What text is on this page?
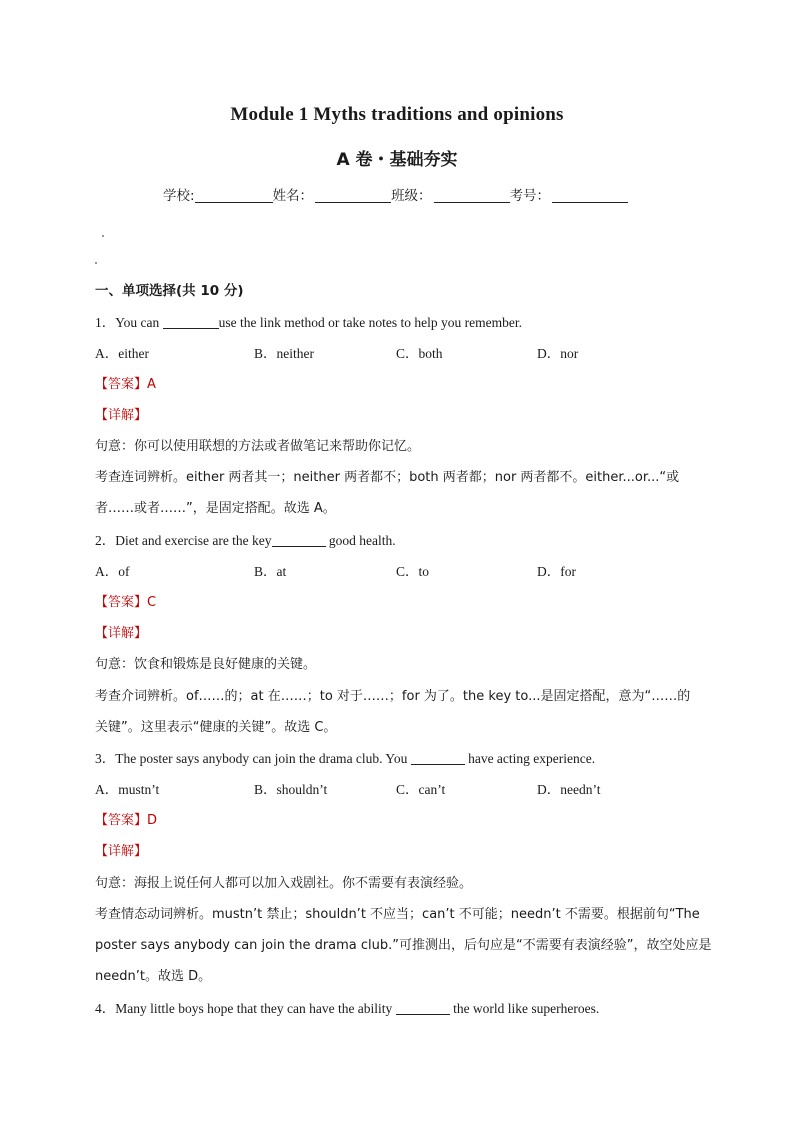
Module 1 Myths traditions and opinions
A 卷・基础夯实
学校:	姓名：	班级：	考号：
一、单项选择(共 10 分)
1．You can	use the link method or take notes to help you remember.
A．either	B．neither	C．both	D．nor
【答案】A
【详解】
句意：你可以使用联想的方法或者做笔记来帮助你记忆。
考查连词辨析。either 两者其一；neither 两者都不；both 两者都；nor 两者都不。either...or...“或
者……或者……”，是固定搭配。故选 A。
2．Diet and exercise are the key	good health.
A．of	B．at	C．to	D．for
【答案】C
【详解】
句意：饮食和锻炼是良好健康的关键。
考查介词辨析。of……的；at 在……；to 对于……；for 为了。the key to...是固定搭配，意为“……的
关键”。这里表示“健康的关键”。故选 C。
3．The poster says anybody can join the drama club. You	have acting experience.
A．mustn’t	B．shouldn’t	C．can’t	D．needn’t
【答案】D
【详解】
句意：海报上说任何人都可以加入戏剧社。你不需要有表演经验。
考查情态动词辨析。mustn’t 禁止；shouldn’t 不应当；can’t 不可能；needn’t 不需要。根据前句“The
poster says anybody can join the drama club.”可推测出，后句应是“不需要有表演经验”，故空处应是
needn’t。故选 D。
4．Many little boys hope that they can have the ability	the world like superheroes.
